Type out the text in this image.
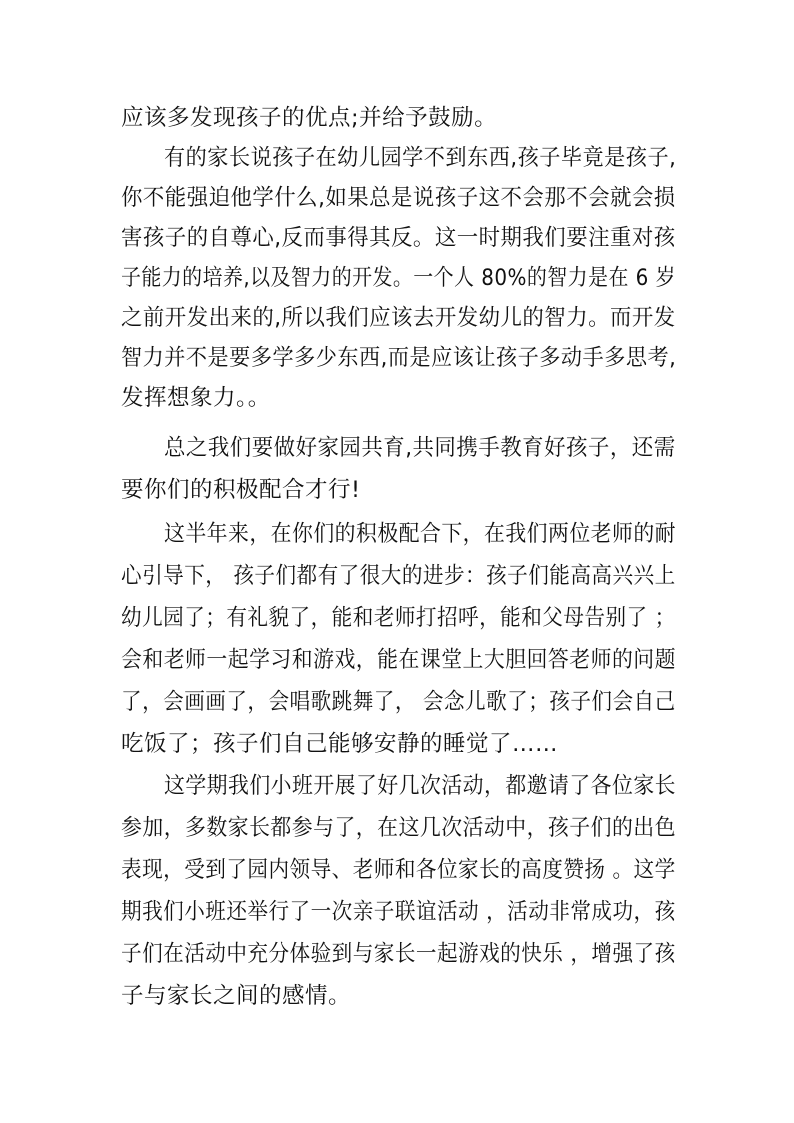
应该多发现孩子的优点;并给予鼓励。
有的家长说孩子在幼儿园学不到东西,孩子毕竟是孩子,
你不能强迫他学什么,如果总是说孩子这不会那不会就会损
害孩子的自尊心,反而事得其反。这一时期我们要注重对孩
子能力的培养,以及智力的开发。一个人 80%的智力是在 6 岁
之前开发出来的,所以我们应该去开发幼儿的智力。而开发
智力并不是要多学多少东西,而是应该让孩子多动手多思考,
发挥想象力。。
总之我们要做好家园共育,共同携手教育好孩子，还需
要你们的积极配合才行!
这半年来，在你们的积极配合下，在我们两位老师的耐
心引导下， 孩子们都有了很大的进步：孩子们能高高兴兴上
幼儿园了；有礼貌了，能和老师打招呼，能和父母告别了 ；
会和老师一起学习和游戏，能在课堂上大胆回答老师的问题
了，会画画了，会唱歌跳舞了， 会念儿歌了；孩子们会自己
吃饭了；孩子们自己能够安静的睡觉了……
这学期我们小班开展了好几次活动，都邀请了各位家长
参加，多数家长都参与了，在这几次活动中，孩子们的出色
表现，受到了园内领导、老师和各位家长的高度赞扬 。这学
期我们小班还举行了一次亲子联谊活动 ，活动非常成功，孩
子们在活动中充分体验到与家长一起游戏的快乐 ，增强了孩
子与家长之间的感情。
